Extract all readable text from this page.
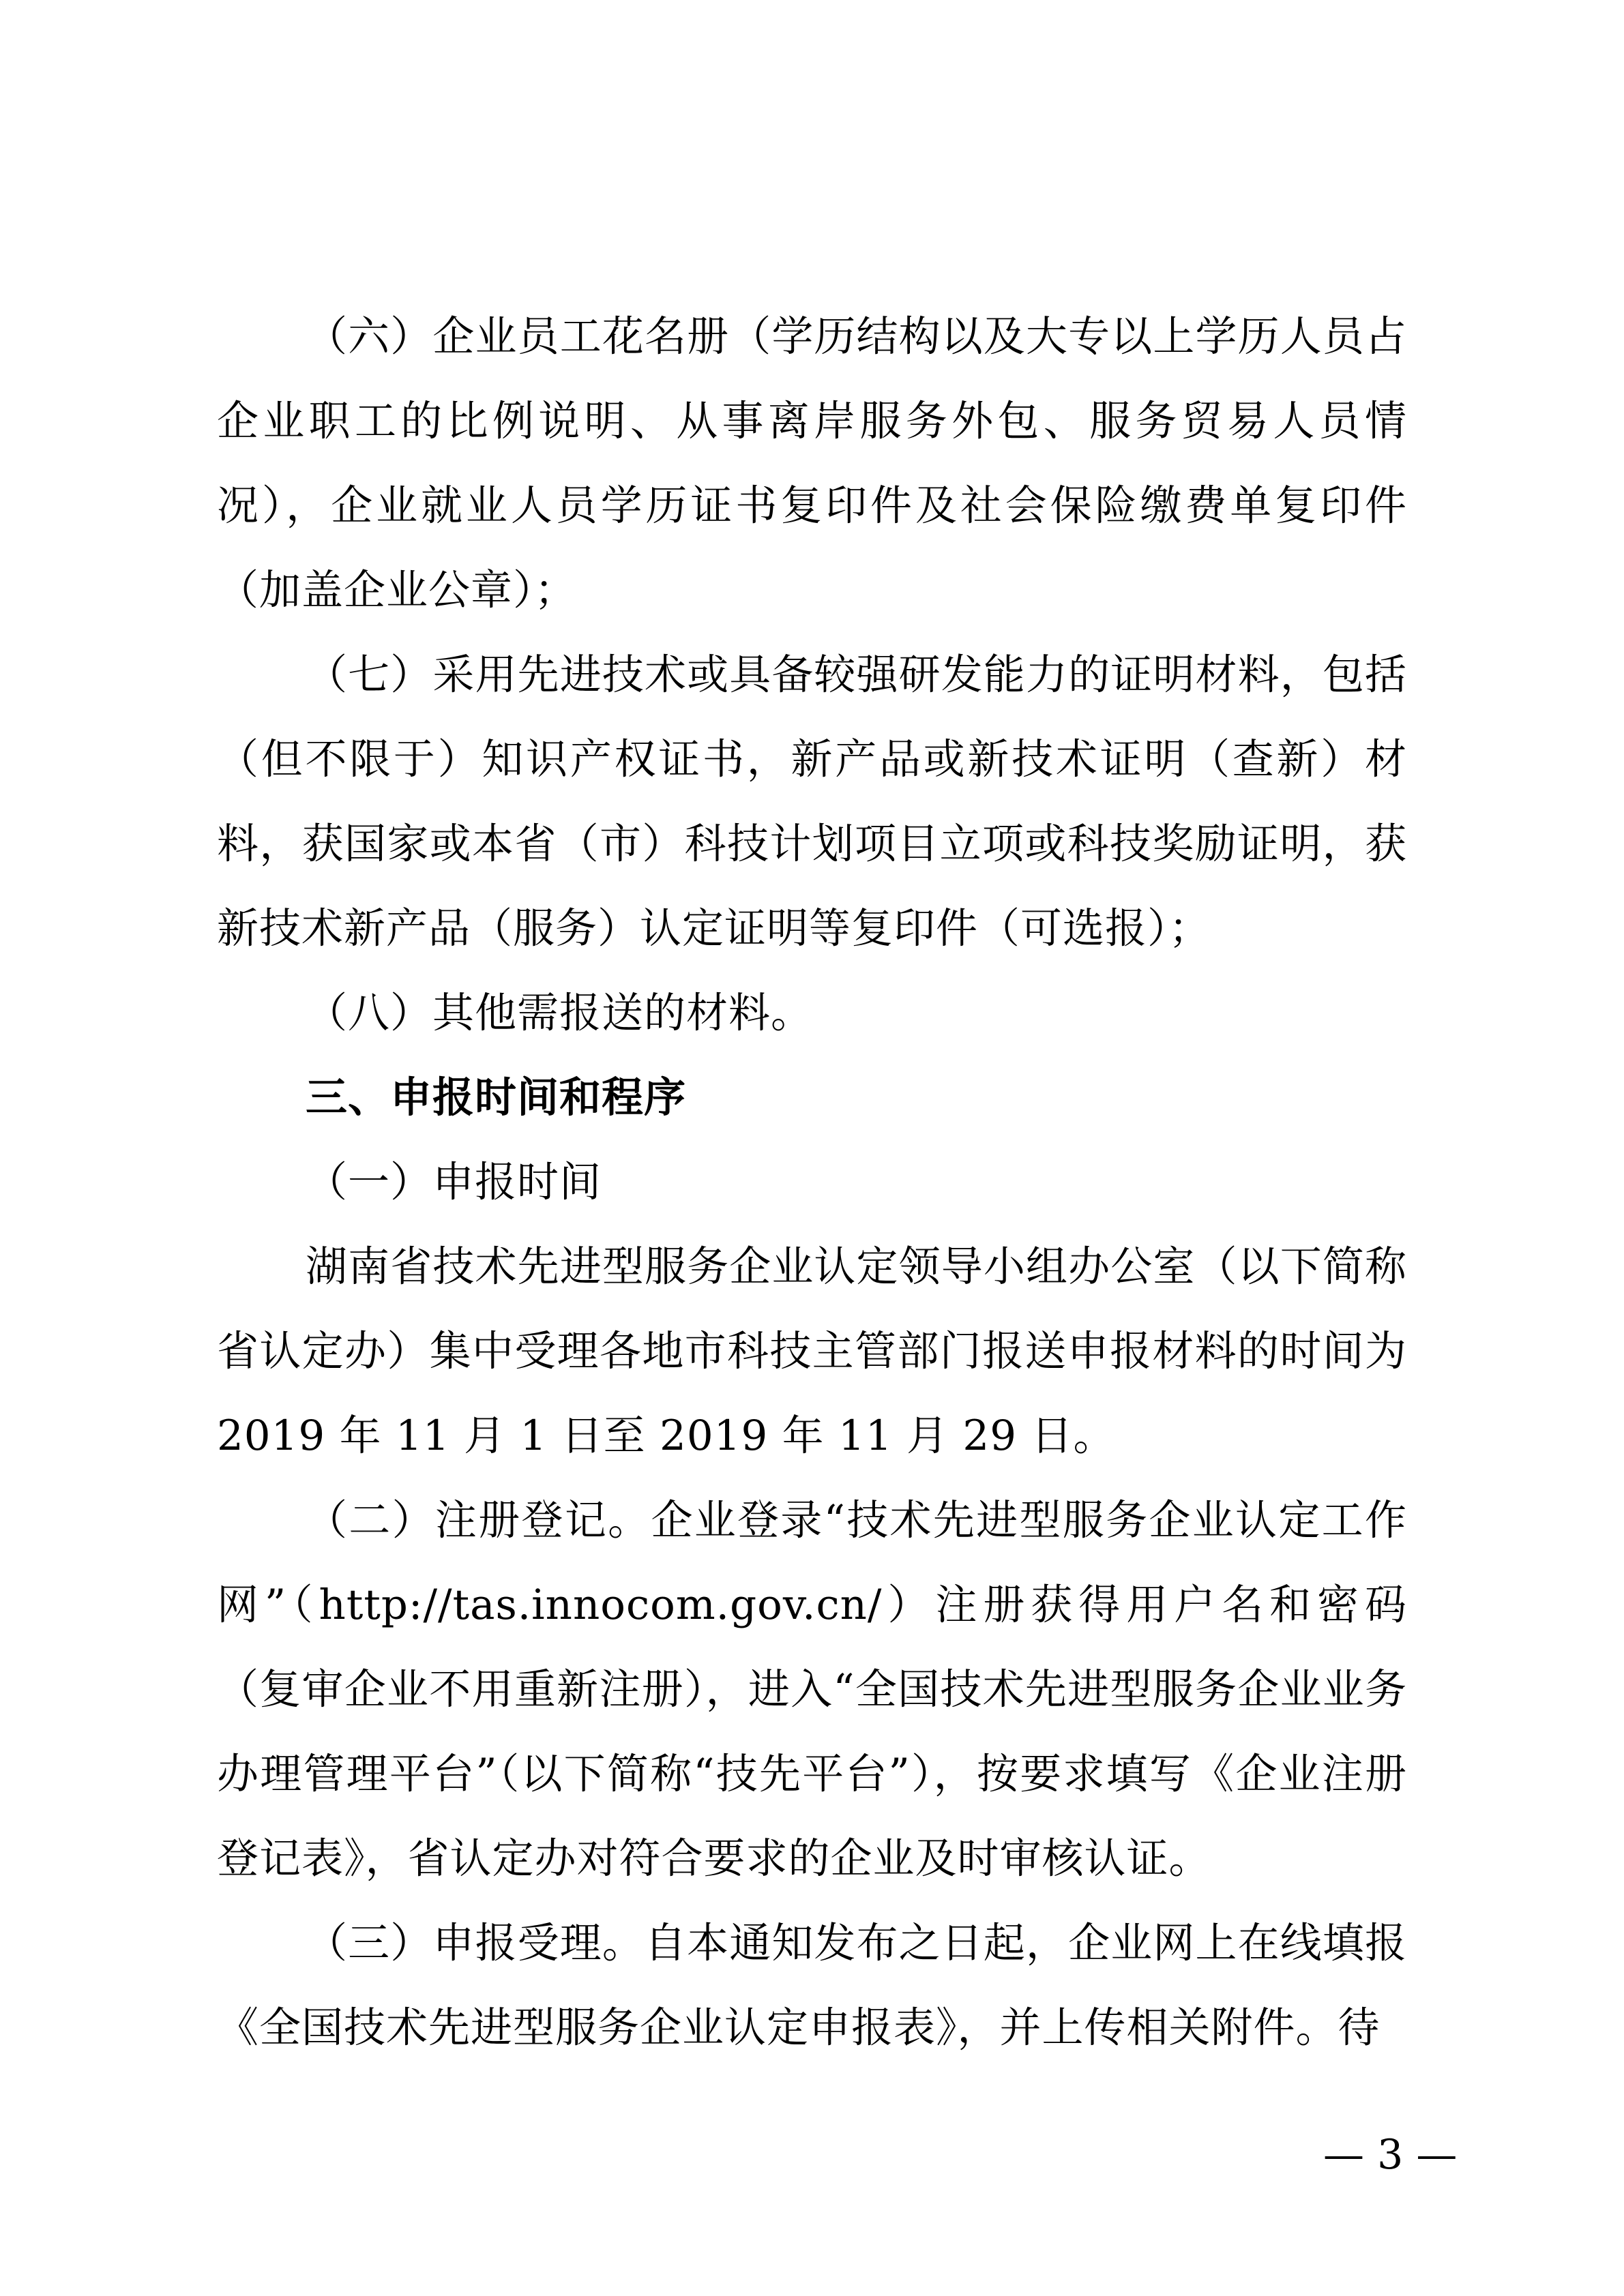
（六）企业员工花名册（学历结构以及大专以上学历人员占企业职工的比例说明、从事离岸服务外包、服务贸易人员情况），企业就业人员学历证书复印件及社会保险缴费单复印件（加盖企业公章）；

（七）采用先进技术或具备较强研发能力的证明材料，包括（但不限于）知识产权证书，新产品或新技术证明（查新）材料，获国家或本省（市）科技计划项目立项或科技奖励证明，获新技术新产品（服务）认定证明等复印件（可选报）；

（八）其他需报送的材料。

三、申报时间和程序

（一）申报时间

湖南省技术先进型服务企业认定领导小组办公室（以下简称省认定办）集中受理各地市科技主管部门报送申报材料的时间为 2019 年 11 月 1 日至 2019 年 11 月 29 日。

（二）注册登记。企业登录“技术先进型服务企业认定工作网”（http://tas.innocom.gov.cn/）注册获得用户名和密码（复审企业不用重新注册），进入“全国技术先进型服务企业业务办理管理平台”（以下简称“技先平台”），按要求填写《企业注册登记表》，省认定办对符合要求的企业及时审核认证。

（三）申报受理。自本通知发布之日起，企业网上在线填报《全国技术先进型服务企业认定申报表》，并上传相关附件。待

— 3 —
